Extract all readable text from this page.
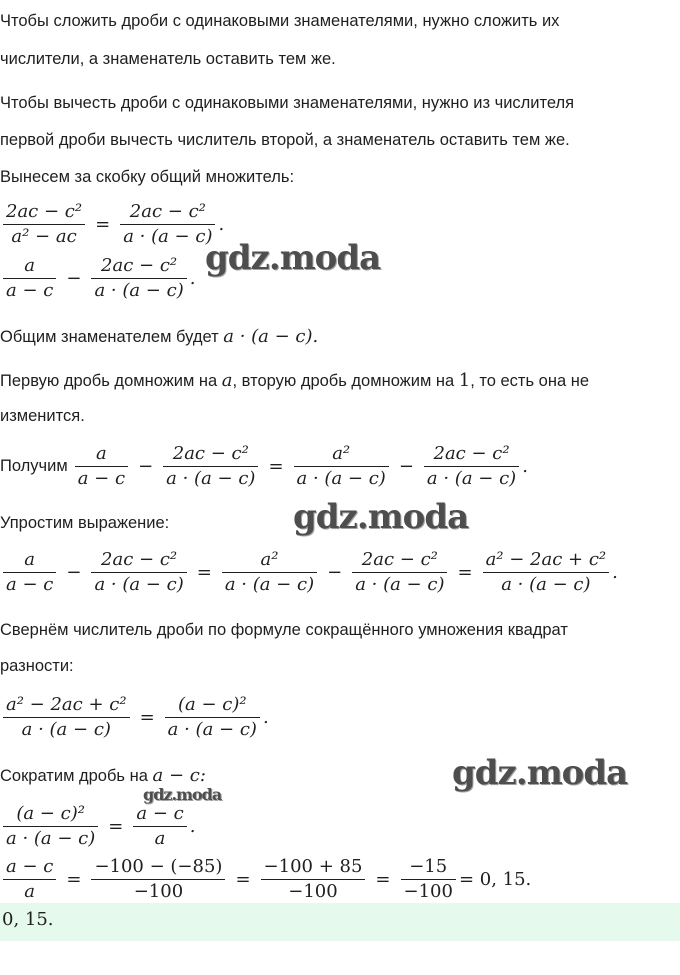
Чтобы сложить дроби с одинаковыми знаменателями, нужно сложить их
числители, а знаменатель оставить тем же.
Чтобы вычесть дроби с одинаковыми знаменателями, нужно из числителя
первой дроби вычесть числитель второй, а знаменатель оставить тем же.
Вынесем за скобку общий множитель:
$\frac{\text{2ac − c²}}{\text{a² − ac}} = \frac{\text{2ac − c²}}{a \cdot (a - c)}$ .
$\frac{a}{a - c} - \frac{\text{2ac − c²}}{a \cdot (a - c)}$ .
Общим знаменателем будет a · (a − c).
Первую дробь домножим на a, вторую дробь домножим на 1, то есть она не
изменится.
Получим $\frac{a}{a - c} - \frac{\text{2ac − c²}}{a \cdot (a - c)} = \frac{\text{a²}}{a \cdot (a - c)} - \frac{\text{2ac − c²}}{a \cdot (a - c)}$ .
Упростим выражение:
$\frac{a}{a - c} - \frac{\text{2ac − c²}}{a \cdot (a - c)} = \frac{\text{a²}}{a \cdot (a - c)} - \frac{\text{2ac − c²}}{a \cdot (a - c)} = \frac{\text{a² − 2ac + c²}}{a \cdot (a - c)}$ .
Свернём числитель дроби по формуле сокращённого умножения квадрат
разности:
$\frac{\text{a² − 2ac + c²}}{a \cdot (a - c)} = \frac{\text{(a − c)²}}{a \cdot (a - c)}$ .
Сократим дробь на a − c:
$\frac{\text{(a − c)²}}{a \cdot (a - c)} = \frac{a - c}{a}$ .
$\frac{a - c}{a} = \frac{-100 - (-85)}{-100} = \frac{-100 + 85}{-100} = \frac{-15}{-100} = 0$, 15.
0, 15.
gdz.moda
gdz.moda
gdz.moda
gdz.moda
